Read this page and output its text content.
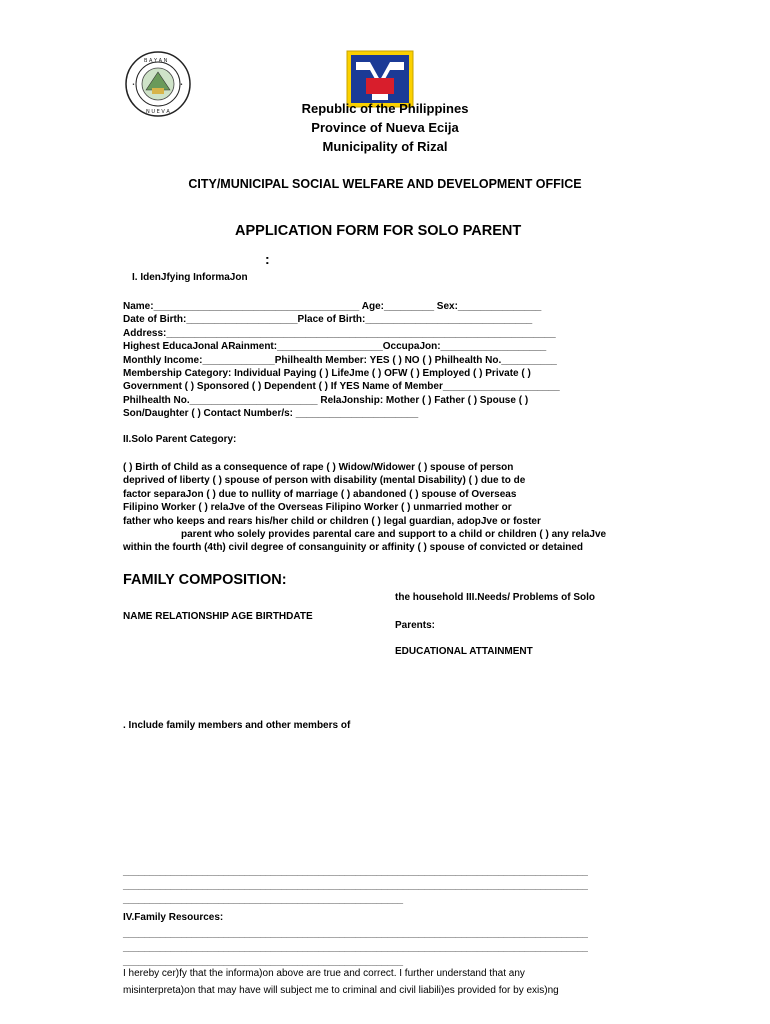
B A Y A N
•	•
N U E V A	Republic of the Philippines
Province of Nueva Ecija
Municipality of Rizal
CITY/MUNICIPAL SOCIAL WELFARE AND DEVELOPMENT OFFICE
APPLICATION FORM FOR SOLO PARENT
:
I. IdenJfying InformaJon
Name:_____________________________________ Age:_________ Sex:_______________
Date of Birth:____________________Place of Birth:______________________________
Address:______________________________________________________________________
Highest EducaJonal ARainment:___________________OccupaJon:___________________
Monthly Income:_____________Philhealth Member: YES ( ) NO ( ) Philhealth No.__________
Membership Category: Individual Paying ( ) LifeJme ( ) OFW ( ) Employed ( ) Private ( )
Government ( ) Sponsored ( ) Dependent ( ) If YES Name of Member_____________________
Philhealth No._______________________ RelaJonship: Mother ( ) Father ( ) Spouse ( )
Son/Daughter ( ) Contact Number/s: ______________________
II.Solo Parent Category:
( ) Birth of Child as a consequence of rape ( ) Widow/Widower ( ) spouse of person
deprived of liberty ( ) spouse of person with disability (mental Disability) ( ) due to de
factor separaJon ( ) due to nullity of marriage ( ) abandoned ( ) spouse of Overseas
Filipino Worker ( ) relaJve of the Overseas Filipino Worker ( ) unmarried mother or
father who keeps and rears his/her child or children ( ) legal guardian, adopJve or foster
parent who solely provides parental care and support to a child or children ( ) any relaJve
within the fourth (4th) civil degree of consanguinity or affinity ( ) spouse of convicted or detained
FAMILY COMPOSITION:
NAME RELATIONSHIP AGE BIRTHDATE
the household III.Needs/ Problems of Solo
Parents:
EDUCATIONAL ATTAINMENT
. Include family members and other members of
________________________________________________________________________________________
________________________________________________________________________________________
_____________________________________________________
IV.Family Resources:
________________________________________________________________________________________
________________________________________________________________________________________
_____________________________________________________
I hereby cer)fy that the informa)on above are true and correct. I further understand that any
misinterpreta)on that may have will subject me to criminal and civil liabili)es provided for by exis)ng
